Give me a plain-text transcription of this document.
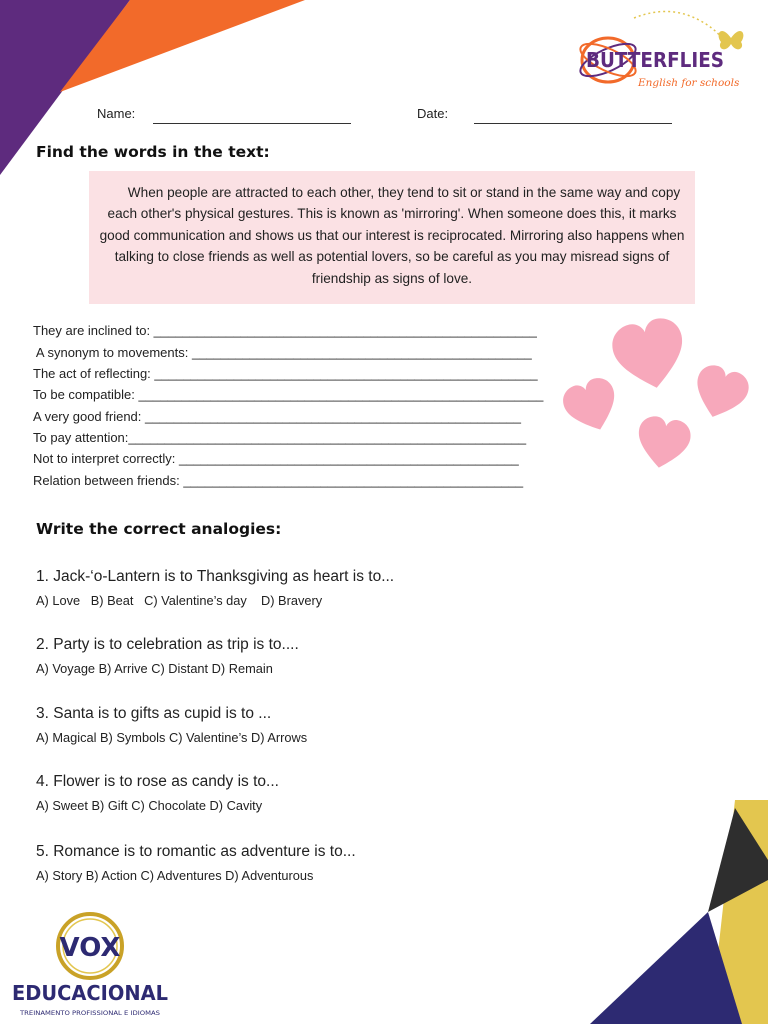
BUTTERFLIES
English for schools
Name:	Date:
Find the words in the text:

When people are attracted to each other, they tend to sit or stand in the same way and copy each other's physical gestures. This is known as 'mirroring'. When someone does this, it marks good communication and shows us that our interest is reciprocated. Mirroring also happens when talking to close friends as well as potential lovers, so be careful as you may misread signs of friendship as signs of love.

They are inclined to: _____________________________________________________
A synonym to movements: _______________________________________________
The act of reflecting: _____________________________________________________
To be compatible: ________________________________________________________
A very good friend: ____________________________________________________
To pay attention:_______________________________________________________
Not to interpret correctly: _______________________________________________
Relation between friends: _______________________________________________
Write the correct analogies:
1. Jack-‘o-Lantern is to Thanksgiving as heart is to...
A) Love   B) Beat   C) Valentine’s day    D) Bravery
2. Party is to celebration as trip is to....
A) Voyage B) Arrive C) Distant D) Remain
3. Santa is to gifts as cupid is to ...
A) Magical B) Symbols C) Valentine’s D) Arrows
4. Flower is to rose as candy is to...
A) Sweet B) Gift C) Chocolate D) Cavity
5. Romance is to romantic as adventure is to...
A) Story B) Action C) Adventures D) Adventurous
VOX
EDUCACIONAL
TREINAMENTO PROFISSIONAL E IDIOMAS
